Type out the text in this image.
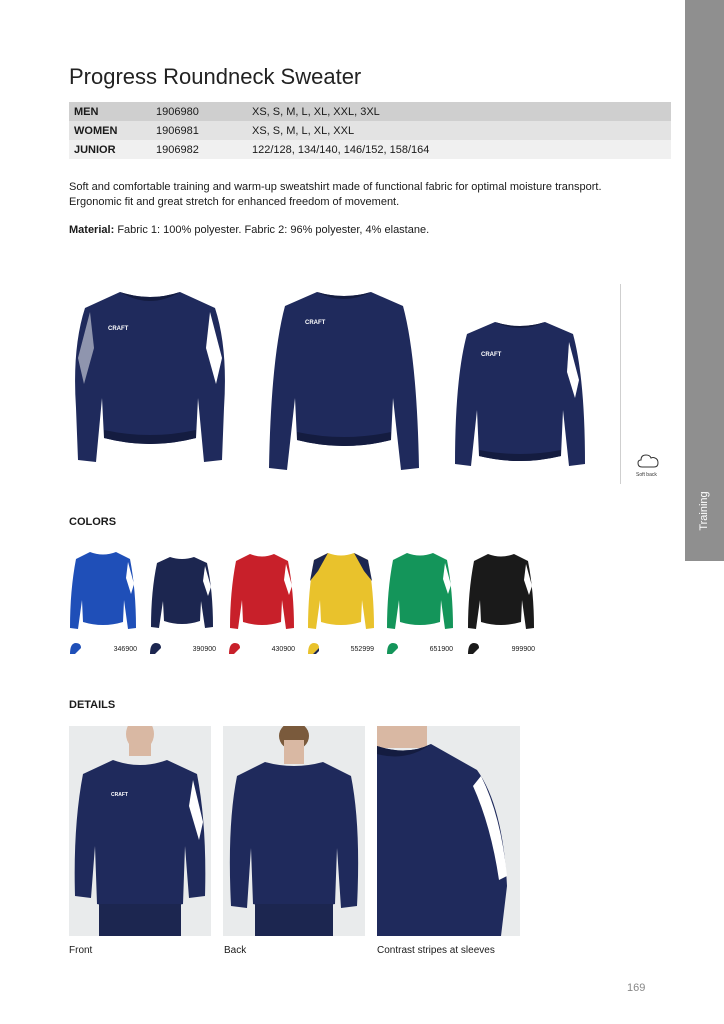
Training
Progress Roundneck Sweater
MEN	1906980	XS, S, M, L, XL, XXL, 3XL
WOMEN	1906981	XS, S, M, L, XL, XXL
JUNIOR	1906982	122/128, 134/140, 146/152, 158/164

Soft and comfortable training and warm-up sweatshirt made of functional fabric for optimal moisture transport. Ergonomic fit and great stretch for enhanced freedom of movement.

Material: Fabric 1: 100% polyester. Fabric 2: 96% polyester, 4% elastane.

CRAFT
CRAFT
CRAFT
Soft back
COLORS
346900	390900	430900	552999	651900	999900
DETAILS
CRAFT
Front	Back	Contrast stripes at sleeves
169
